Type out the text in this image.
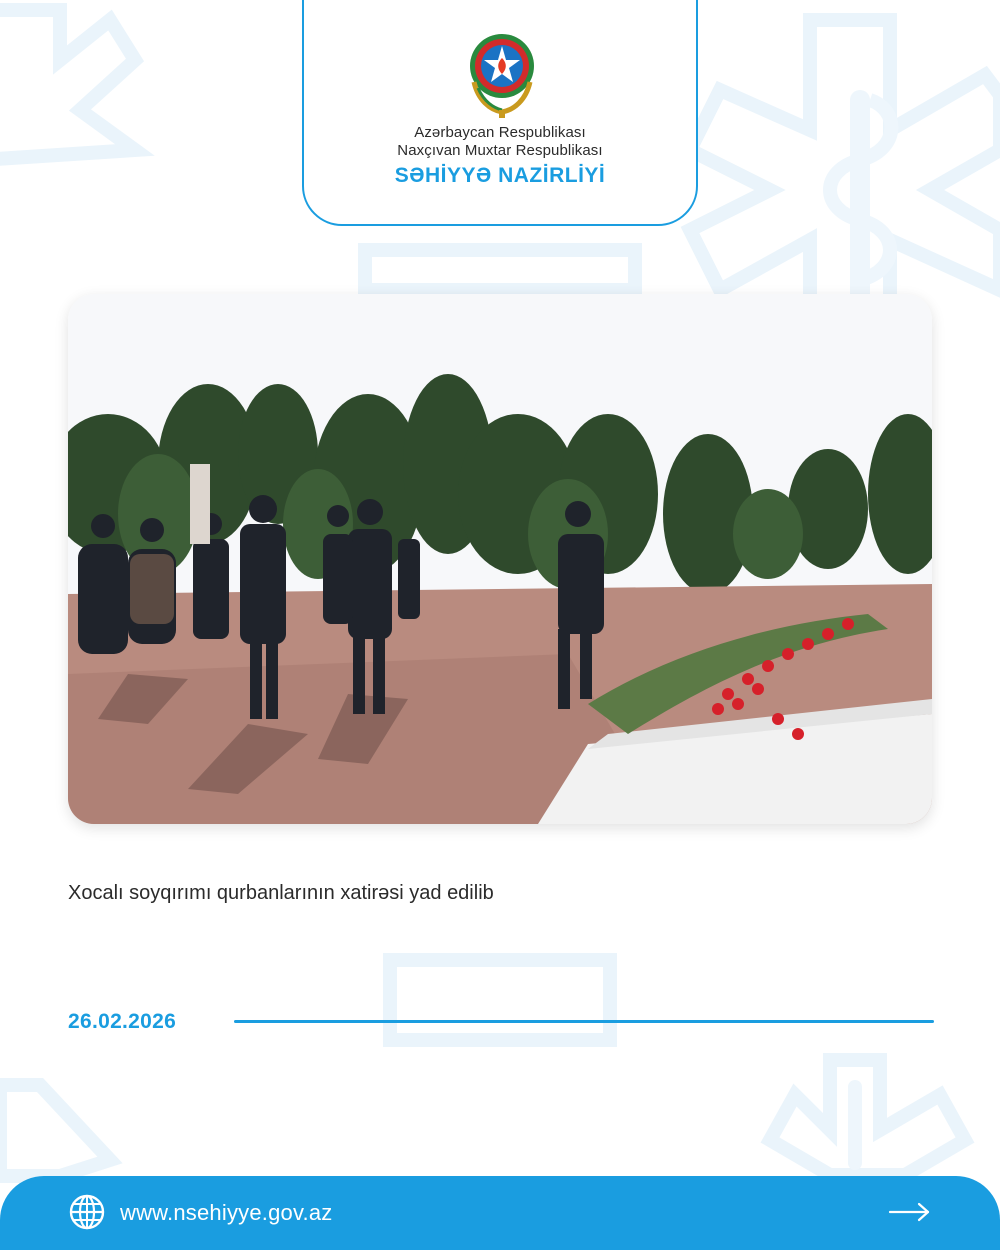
Azərbaycan Respublikası
Naxçıvan Muxtar Respublikası
SƏHİYYƏ NAZİRLİYİ
Xocalı soyqırımı qurbanlarının xatirəsi yad edilib
26.02.2026
www.nsehiyye.gov.az
